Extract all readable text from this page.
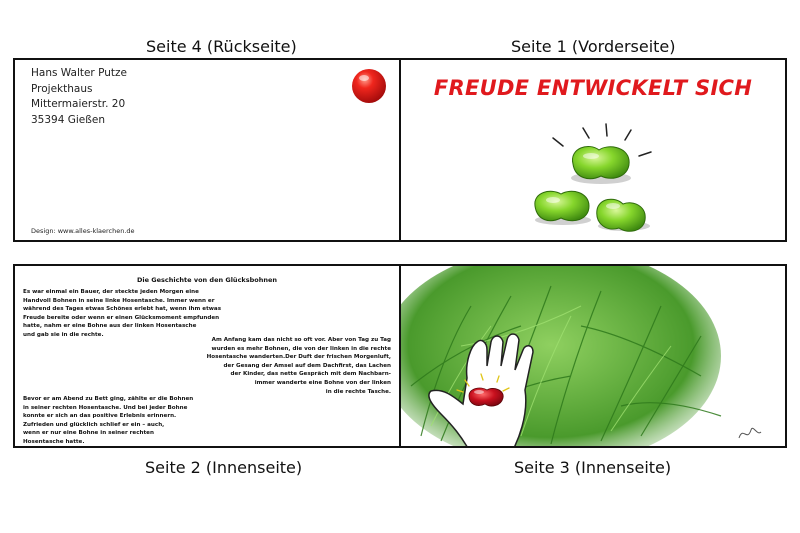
Seite 4 (Rückseite)	Seite 1 (Vorderseite)
Seite 2 (Innenseite)	Seite 3 (Innenseite)
Hans Walter Putze
Projekthaus
Mittermaierstr. 20
35394 Gießen
Design: www.alles-klaerchen.de
FREUDE ENTWICKELT SICH
Die Geschichte von den Glücksbohnen
Es war einmal ein Bauer, der steckte jeden Morgen eine
Handvoll Bohnen in seine linke Hosentasche. Immer wenn er
während des Tages etwas Schönes erlebt hat, wenn ihm etwas
Freude bereite oder wenn er einen Glücksmoment empfunden
hatte, nahm er eine Bohne aus der linken Hosentasche
und gab sie in die rechte.
Am Anfang kam das nicht so oft vor. Aber von Tag zu Tag
wurden es mehr Bohnen, die von der linken in die rechte
Hosentasche wanderten.Der Duft der frischen Morgenluft,
der Gesang der Amsel auf dem Dachfirst, das Lachen
der Kinder, das nette Gespräch mit dem Nachbarn-
immer wanderte eine Bohne von der linken
in die rechte Tasche.
Bevor er am Abend zu Bett ging, zählte er die Bohnen
in seiner rechten Hosentasche. Und bei jeder Bohne
konnte er sich an das positive Erlebnis erinnern.
Zufrieden und glücklich schlief er ein – auch,
wenn er nur eine Bohne in seiner rechten
Hosentasche hatte.
